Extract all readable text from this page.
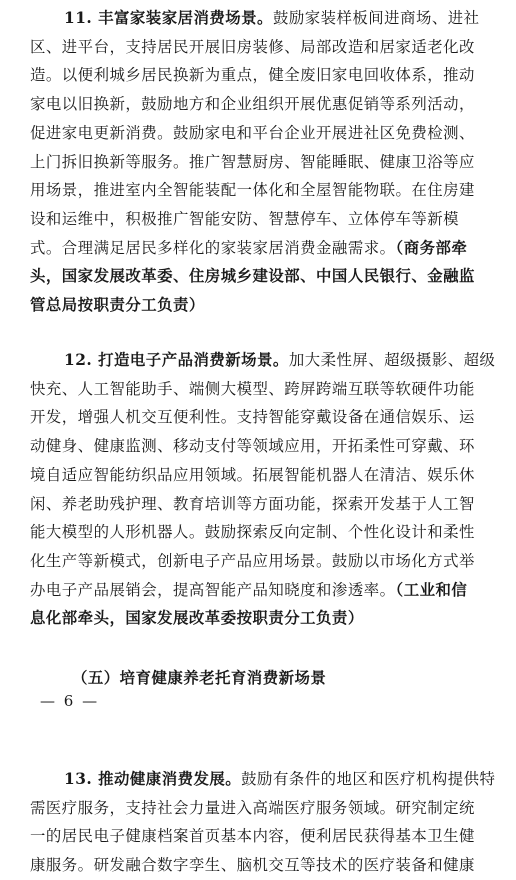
11. 丰富家装家居消费场景。鼓励家装样板间进商场、进社
区、进平台，支持居民开展旧房装修、局部改造和居家适老化改
造。以便利城乡居民换新为重点，健全废旧家电回收体系，推动
家电以旧换新，鼓励地方和企业组织开展优惠促销等系列活动，
促进家电更新消费。鼓励家电和平台企业开展进社区免费检测、
上门拆旧换新等服务。推广智慧厨房、智能睡眠、健康卫浴等应
用场景，推进室内全智能装配一体化和全屋智能物联。在住房建
设和运维中，积极推广智能安防、智慧停车、立体停车等新模
式。合理满足居民多样化的家装家居消费金融需求。（商务部牵
头，国家发展改革委、住房城乡建设部、中国人民银行、金融监
管总局按职责分工负责）
12. 打造电子产品消费新场景。加大柔性屏、超级摄影、超级
快充、人工智能助手、端侧大模型、跨屏跨端互联等软硬件功能
开发，增强人机交互便利性。支持智能穿戴设备在通信娱乐、运
动健身、健康监测、移动支付等领域应用，开拓柔性可穿戴、环
境自适应智能纺织品应用领域。拓展智能机器人在清洁、娱乐休
闲、养老助残护理、教育培训等方面功能，探索开发基于人工智
能大模型的人形机器人。鼓励探索反向定制、个性化设计和柔性
化生产等新模式，创新电子产品应用场景。鼓励以市场化方式举
办电子产品展销会，提高智能产品知晓度和渗透率。（工业和信
息化部牵头，国家发展改革委按职责分工负责）
（五）培育健康养老托育消费新场景
— 6 —
13. 推动健康消费发展。鼓励有条件的地区和医疗机构提供特
需医疗服务，支持社会力量进入高端医疗服务领域。研究制定统
一的居民电子健康档案首页基本内容，便利居民获得基本卫生健
康服务。研发融合数字孪生、脑机交互等技术的医疗装备和健康
